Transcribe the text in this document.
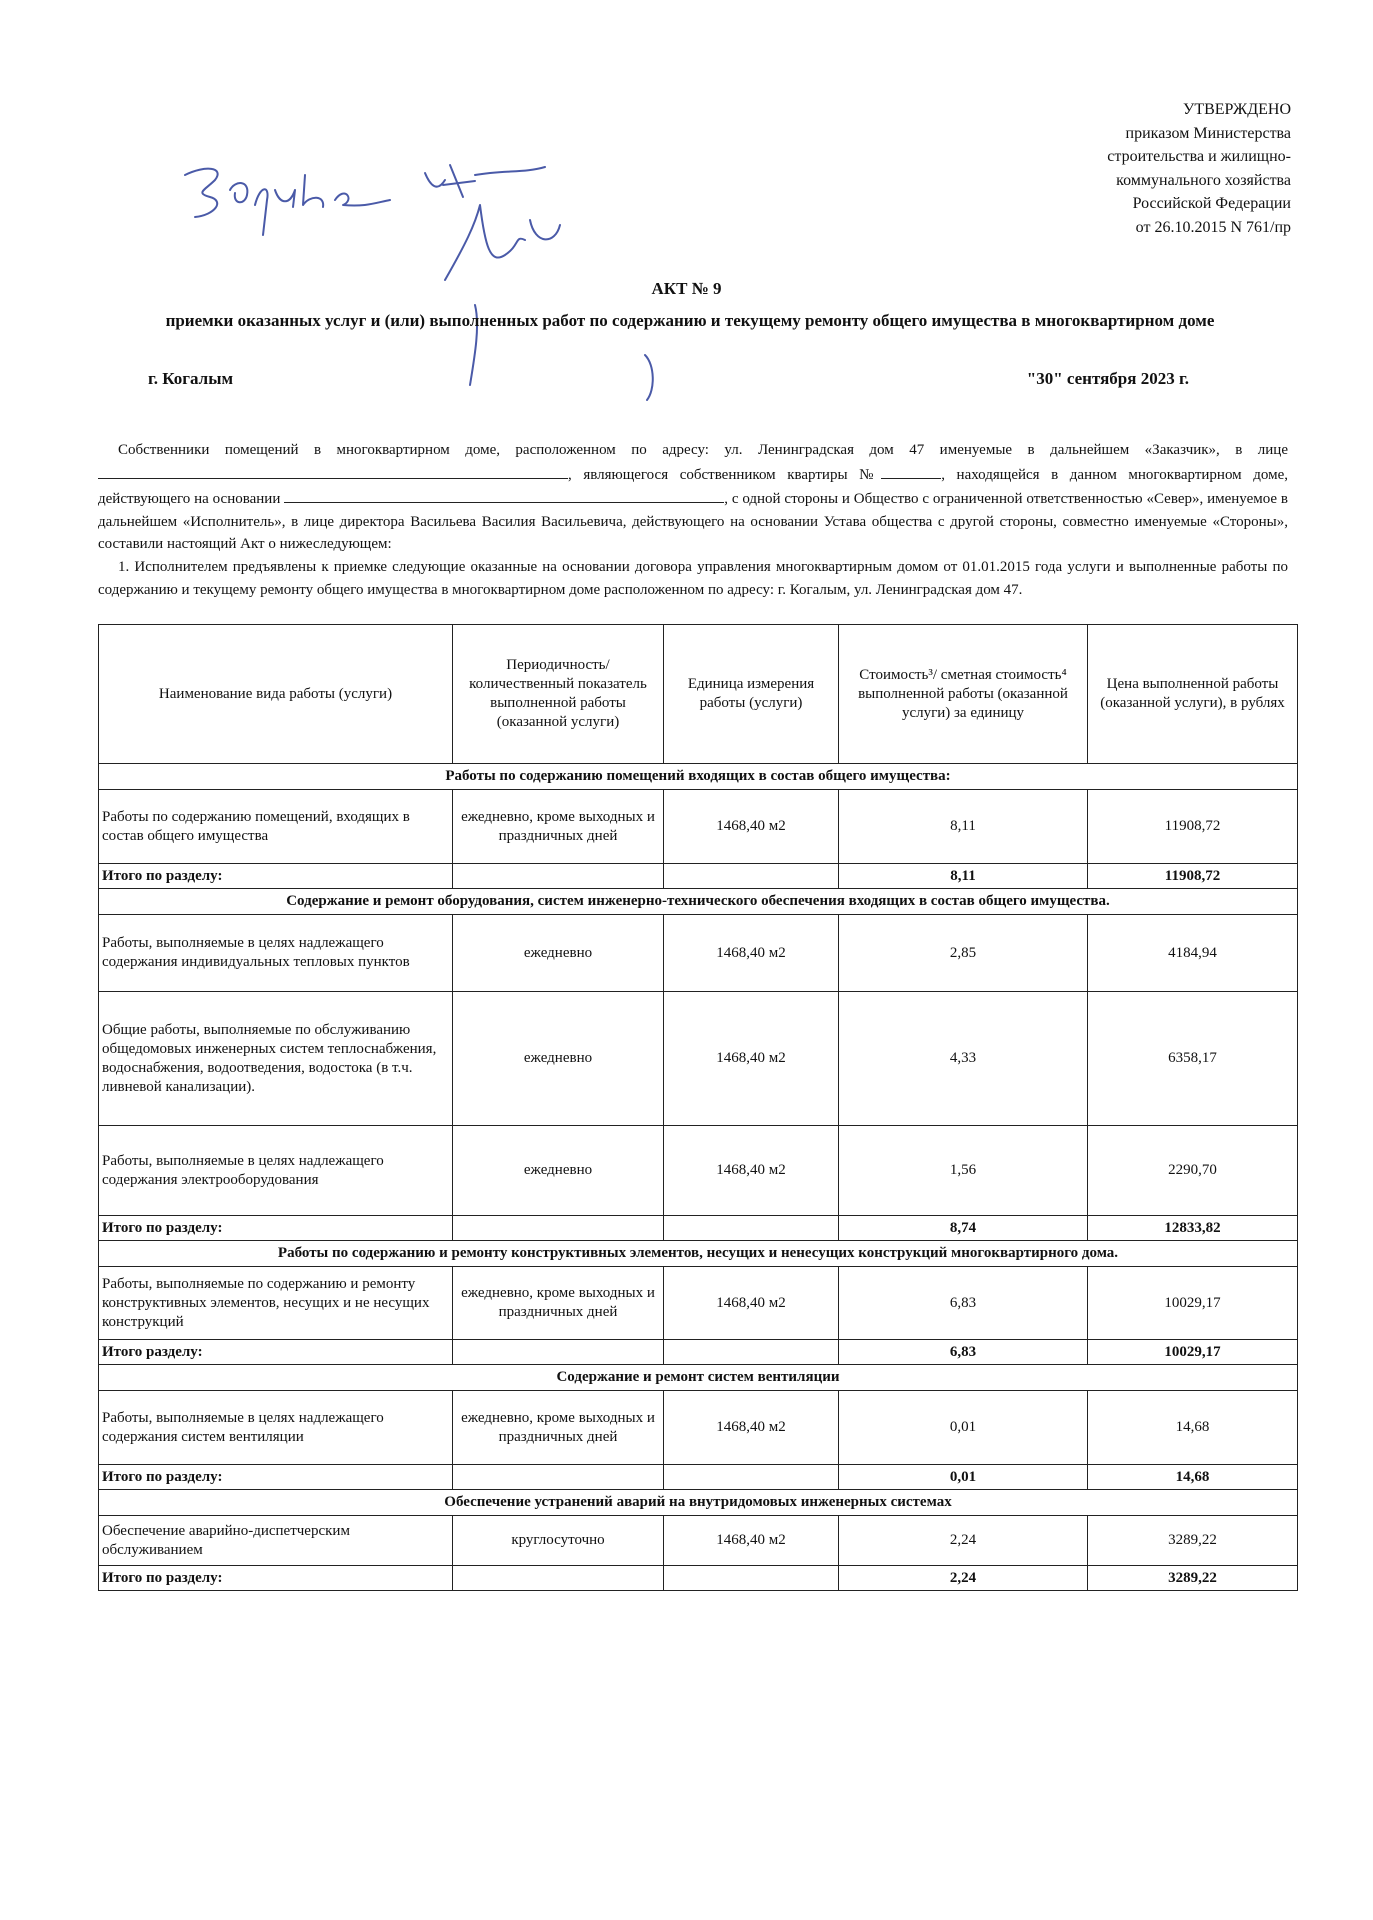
УТВЕРЖДЕНО
приказом Министерства
строительства и жилищно-
коммунального хозяйства
Российской Федерации
от 26.10.2015 N 761/пр
АКТ № 9
приемки оказанных услуг и (или) выполненных работ по содержанию и текущему ремонту общего имущества в многоквартирном доме
г. Когалым	"30" сентября 2023 г.

Собственники помещений в многоквартирном доме, расположенном по адресу: ул. Ленинградская дом 47 именуемые в дальнейшем «Заказчик», в лице , являющегося собственником квартиры №	, находящейся в данном многоквартирном доме, действующего на основании	, с одной стороны и Общество с ограниченной ответственностью «Север», именуемое в дальнейшем «Исполнитель», в лице директора Васильева Василия Васильевича, действующего на основании Устава общества с другой стороны, совместно именуемые «Стороны», составили настоящий Акт о нижеследующем:

1. Исполнителем предъявлены к приемке следующие оказанные на основании договора управления многоквартирным домом от 01.01.2015 года услуги и выполненные работы по содержанию и текущему ремонту общего имущества в многоквартирном доме расположенном по адресу: г. Когалым, ул. Ленинградская дом 47.

Наименование вида работы (услуги)	Периодичность/ количественный показатель выполненной работы (оказанной услуги)	Единица измерения работы (услуги)	Стоимость³/ сметная стоимость⁴ выполненной работы (оказанной услуги) за единицу	Цена выполненной работы (оказанной услуги), в рублях
Работы по содержанию помещений входящих в состав общего имущества:				
Работы по содержанию помещений, входящих в состав общего имущества	ежедневно, кроме выходных и праздничных дней	1468,40 м2	8,11	11908,72
Итого по разделу:			8,11	11908,72
Содержание и ремонт оборудования, систем инженерно-технического обеспечения входящих в состав общего имущества.				
Работы, выполняемые в целях надлежащего содержания индивидуальных тепловых пунктов	ежедневно	1468,40 м2	2,85	4184,94
Общие работы, выполняемые по обслуживанию общедомовых инженерных систем теплоснабжения, водоснабжения, водоотведения, водостока (в т.ч. ливневой канализации).	ежедневно	1468,40 м2	4,33	6358,17
Работы, выполняемые в целях надлежащего содержания электрооборудования	ежедневно	1468,40 м2	1,56	2290,70
Итого по разделу:			8,74	12833,82
Работы по содержанию и ремонту конструктивных элементов, несущих и ненесущих конструкций многоквартирного дома.				
Работы, выполняемые по содержанию и ремонту конструктивных элементов, несущих и не несущих конструкций	ежедневно, кроме выходных и праздничных дней	1468,40 м2	6,83	10029,17
Итого разделу:			6,83	10029,17
Содержание и ремонт систем вентиляции				
Работы, выполняемые в целях надлежащего содержания систем вентиляции	ежедневно, кроме выходных и праздничных дней	1468,40 м2	0,01	14,68
Итого по разделу:			0,01	14,68
Обеспечение устранений аварий на внутридомовых инженерных системах				
Обеспечение аварийно-диспетчерским обслуживанием	круглосуточно	1468,40 м2	2,24	3289,22
Итого по разделу:			2,24	3289,22
